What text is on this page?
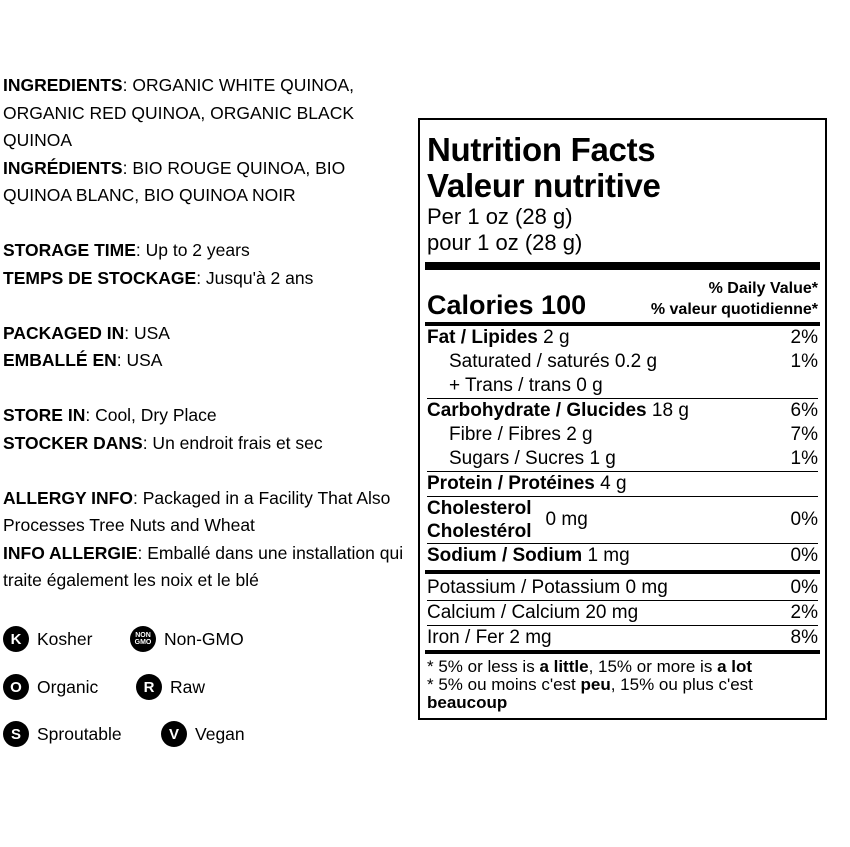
INGREDIENTS: ORGANIC WHITE QUINOA, ORGANIC RED QUINOA, ORGANIC BLACK QUINOA

INGRÉDIENTS: BIO ROUGE QUINOA, BIO QUINOA BLANC, BIO QUINOA NOIR

STORAGE TIME: Up to 2 years

TEMPS DE STOCKAGE: Jusqu'à 2 ans

PACKAGED IN: USA

EMBALLÉ EN: USA

STORE IN: Cool, Dry Place

STOCKER DANS: Un endroit frais et sec

ALLERGY INFO: Packaged in a Facility That Also Processes Tree Nuts and Wheat

INFO ALLERGIE: Emballé dans une installation qui traite également les noix et le blé

K Kosher	NON
GMO Non-GMO
O Organic	R Raw
S Sproutable	V Vegan
Nutrition Facts
Valeur nutritive
Per 1 oz (28 g)
pour 1 oz (28 g)
Calories 100
% Daily Value*
% valeur quotidienne*
Fat / Lipides 2 g	2%
Saturated / saturés 0.2 g	1%
+ Trans / trans 0 g
Carbohydrate / Glucides 18 g	6%
Fibre / Fibres 2 g	7%
Sugars / Sucres 1 g	1%
Protein / Protéines 4 g
Cholesterol
Cholestérol
0 mg	0%
Sodium / Sodium 1 mg	0%
Potassium / Potassium 0 mg	0%
Calcium / Calcium 20 mg	2%
Iron / Fer 2 mg	8%
* 5% or less is a little, 15% or more is a lot
* 5% ou moins c'est peu, 15% ou plus c'est
beaucoup
